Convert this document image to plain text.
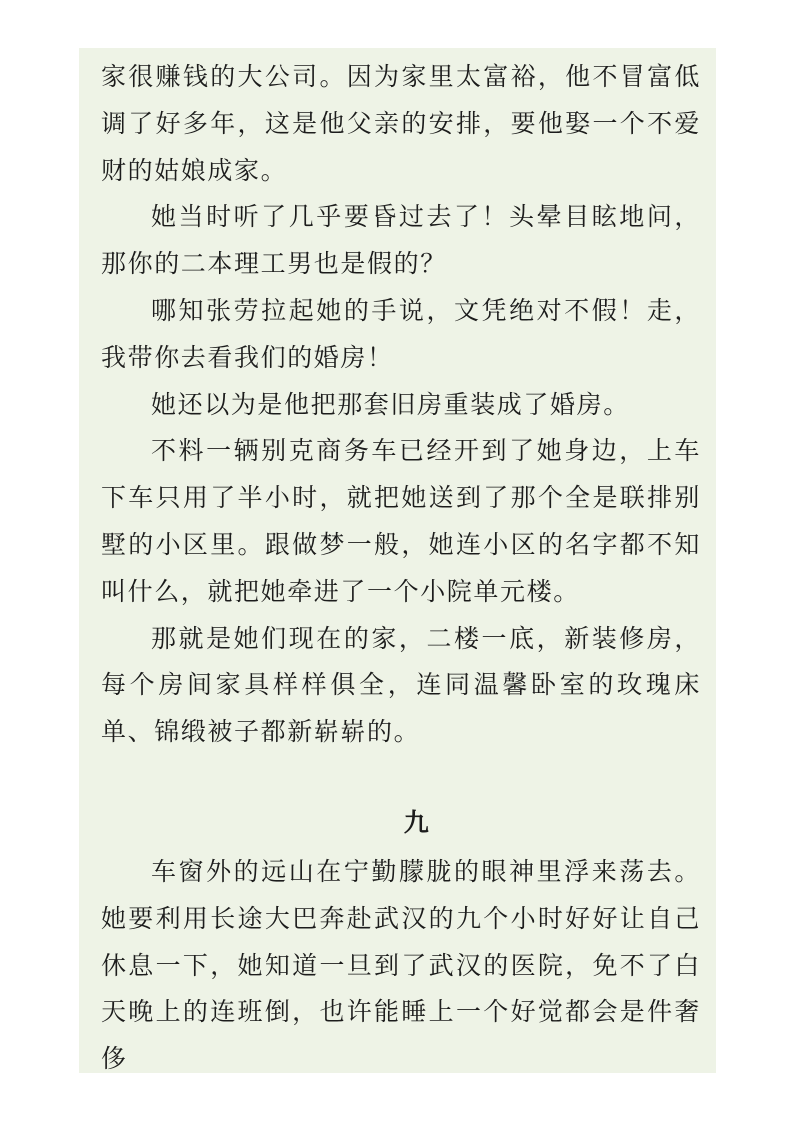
家很赚钱的大公司。因为家里太富裕，他不冒富低调了好多年，这是他父亲的安排，要他娶一个不爱财的姑娘成家。

她当时听了几乎要昏过去了！头晕目眩地问，那你的二本理工男也是假的？

哪知张劳拉起她的手说，文凭绝对不假！走，我带你去看我们的婚房！

她还以为是他把那套旧房重装成了婚房。

不料一辆别克商务车已经开到了她身边，上车下车只用了半小时，就把她送到了那个全是联排别墅的小区里。跟做梦一般，她连小区的名字都不知叫什么，就把她牵进了一个小院单元楼。

那就是她们现在的家，二楼一底，新装修房，每个房间家具样样俱全，连同温馨卧室的玫瑰床单、锦缎被子都新崭崭的。

九

车窗外的远山在宁勤朦胧的眼神里浮来荡去。她要利用长途大巴奔赴武汉的九个小时好好让自己休息一下，她知道一旦到了武汉的医院，免不了白天晚上的连班倒，也许能睡上一个好觉都会是件奢侈
